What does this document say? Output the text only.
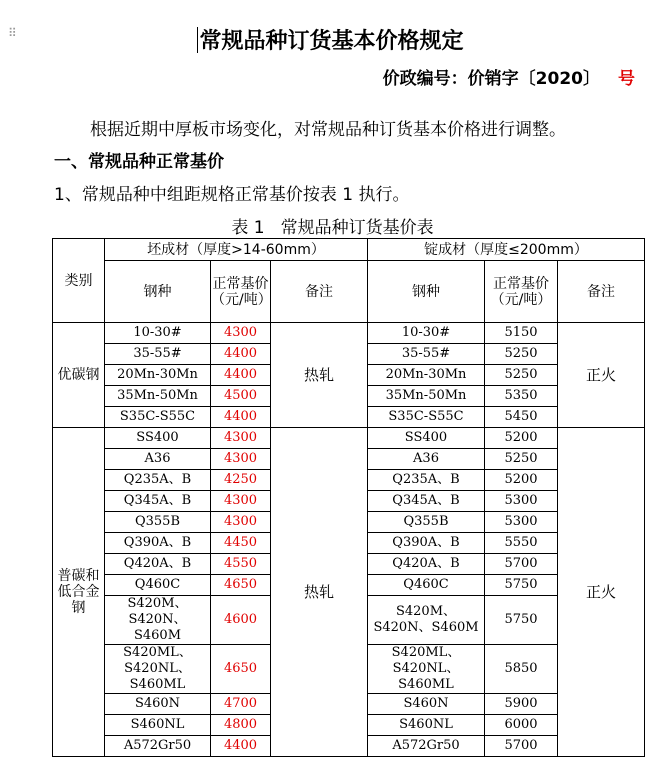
⠿	常规品种订货基本价格规定
价政编号：价销字〔2020〕 号
根据近期中厚板市场变化，对常规品种订货基本价格进行调整。
一、常规品种正常基价
1、常规品种中组距规格正常基价按表 1 执行。
表 1 常规品种订货基价表
类别	坯成材（厚度>14-60mm）			锭成材（厚度≤200mm）		
	钢种	正常基价（元/吨）	备注	钢种	正常基价（元/吨）	备注
优碳钢	10-30#	4300	热轧	10-30#	5150	正火
	35-55#	4400		35-55#	5250	
	20Mn-30Mn	4400		20Mn-30Mn	5250	
	35Mn-50Mn	4500		35Mn-50Mn	5350	
	S35C-S55C	4400		S35C-S55C	5450	
普碳和低合金钢	SS400	4300	热轧	SS400	5200	正火
	A36	4300		A36	5250	
	Q235A、B	4250		Q235A、B	5200	
	Q345A、B	4300		Q345A、B	5300	
	Q355B	4300		Q355B	5300	
	Q390A、B	4450		Q390A、B	5550	
	Q420A、B	4550		Q420A、B	5700	
	Q460C	4650		Q460C	5750	
	S420M、S420N、S460M	4600		S420M、S420N、S460M	5750	
	S420ML、S420NL、S460ML	4650		S420ML、S420NL、S460ML	5850	
	S460N	4700		S460N	5900	
	S460NL	4800		S460NL	6000	
	A572Gr50	4400		A572Gr50	5700	
